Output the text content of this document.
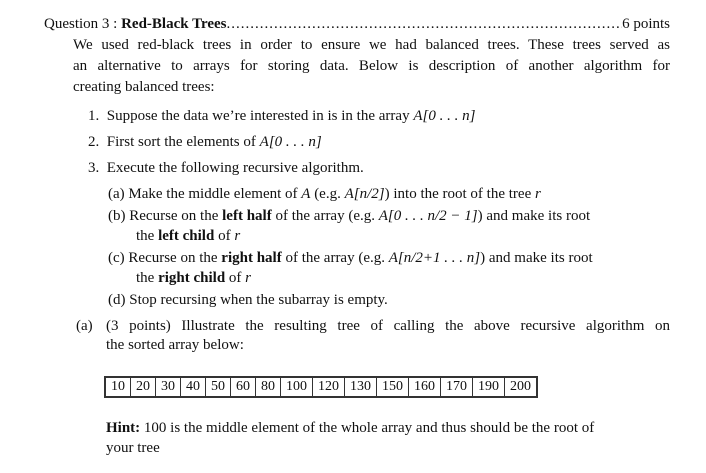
Question 3 :
Red-Black Trees .....	6 points
We used red-black trees in order to ensure we had balanced trees. These trees served as
an alternative to arrays for storing data. Below is description of another algorithm for
creating balanced trees:
1. Suppose the data we’re interested in is in the array A[0 . . . n]
2. First sort the elements of A[0 . . . n]
3. Execute the following recursive algorithm.
(a) Make the middle element of A (e.g. A[n/2]) into the root of the tree r
(b) Recurse on the left half of the array (e.g. A[0 . . . n/2 − 1]) and make its root
the left child of r
(c) Recurse on the right half of the array (e.g. A[n/2+1 . . . n]) and make its root
the right child of r
(d) Stop recursing when the subarray is empty.
(a) (3 points) Illustrate the resulting tree of calling the above recursive algorithm on
the sorted array below:
10	20	30	40	50	60	80	100	120	130	150	160	170	190	200
Hint: 100 is the middle element of the whole array and thus should be the root of
your tree
